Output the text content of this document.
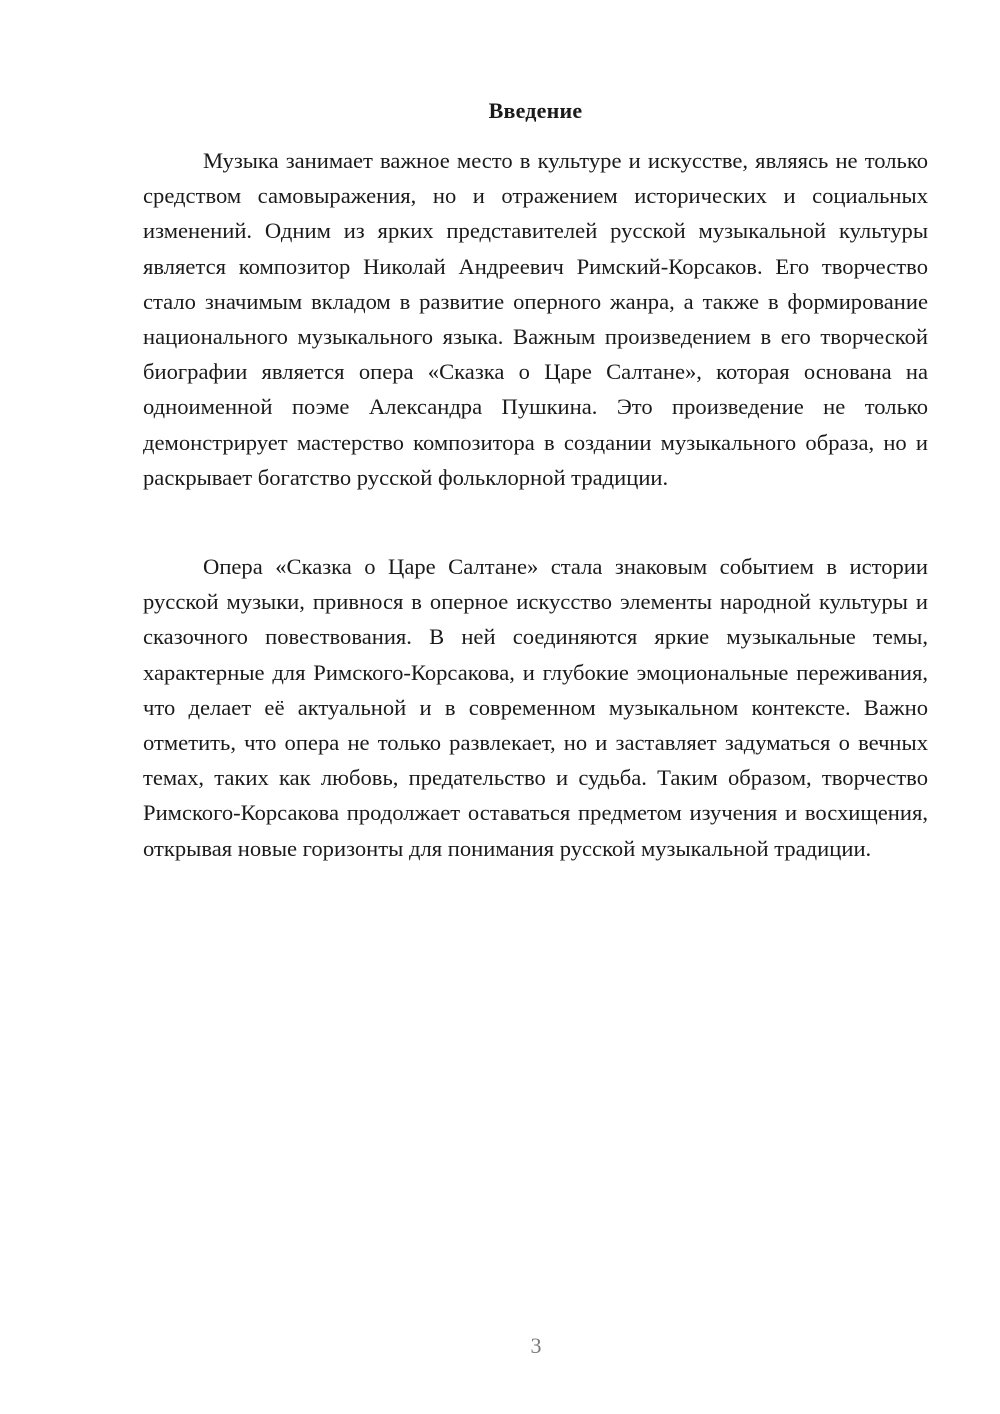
Введение

Музыка занимает важное место в культуре и искусстве, являясь не только средством самовыражения, но и отражением исторических и социальных изменений. Одним из ярких представителей русской музыкальной культуры является композитор Николай Андреевич Римский-Корсаков. Его творчество стало значимым вкладом в развитие оперного жанра, а также в формирование национального музыкального языка. Важным произведением в его творческой биографии является опера «Сказка о Царе Салтане», которая основана на одноименной поэме Александра Пушкина. Это произведение не только демонстрирует мастерство композитора в создании музыкального образа, но и раскрывает богатство русской фольклорной традиции.

Опера «Сказка о Царе Салтане» стала знаковым событием в истории русской музыки, привнося в оперное искусство элементы народной культуры и сказочного повествования. В ней соединяются яркие музыкальные темы, характерные для Римского-Корсакова, и глубокие эмоциональные переживания, что делает её актуальной и в современном музыкальном контексте. Важно отметить, что опера не только развлекает, но и заставляет задуматься о вечных темах, таких как любовь, предательство и судьба. Таким образом, творчество Римского-Корсакова продолжает оставаться предметом изучения и восхищения, открывая новые горизонты для понимания русской музыкальной традиции.

3
